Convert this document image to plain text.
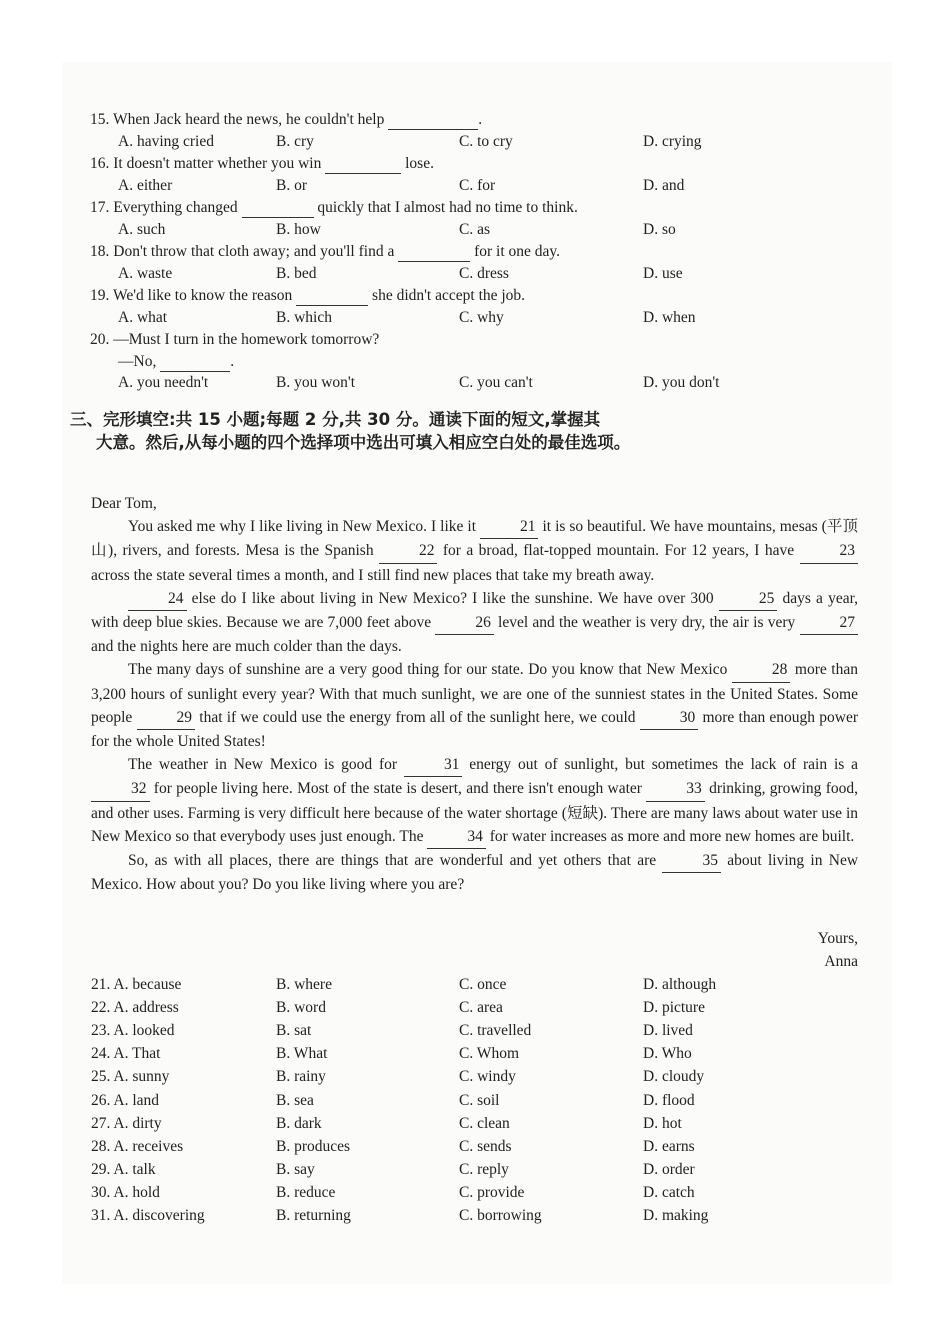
15. When Jack heard the news, he couldn't help	.
A. having cried	B. cry	C. to cry	D. crying
16. It doesn't matter whether you win	lose.
A. either	B. or	C. for	D. and
17. Everything changed	quickly that I almost had no time to think.
A. such	B. how	C. as	D. so
18. Don't throw that cloth away; and you'll find a	for it one day.
A. waste	B. bed	C. dress	D. use
19. We'd like to know the reason	she didn't accept the job.
A. what	B. which	C. why	D. when
20. —Must I turn in the homework tomorrow?
—No,	.
A. you needn't	B. you won't	C. you can't	D. you don't
三、完形填空:共 15 小题;每题 2 分,共 30 分。通读下面的短文,掌握其
大意。然后,从每小题的四个选择项中选出可填入相应空白处的最佳选项。

Dear Tom,

You asked me why I like living in New Mexico. I like it	21 it is so beautiful. We have mountains, mesas (平顶山), rivers, and forests. Mesa is the Spanish	22 for a broad, flat-topped mountain. For 12 years, I have	23 across the state several times a month, and I still find new places that take my breath away.

24 else do I like about living in New Mexico? I like the sunshine. We have over 300	25 days a year, with deep blue skies. Because we are 7,000 feet above	26 level and the weather is very dry, the air is very	27 and the nights here are much colder than the days.

The many days of sunshine are a very good thing for our state. Do you know that New Mexico	28 more than 3,200 hours of sunlight every year? With that much sunlight, we are one of the sunniest states in the United States. Some people	29 that if we could use the energy from all of the sunlight here, we could	30 more than enough power for the whole United States!

The weather in New Mexico is good for	31 energy out of sunlight, but sometimes the lack of rain is a 32 for people living here. Most of the state is desert, and there isn't enough water	33 drinking, growing food, and other uses. Farming is very difficult here because of the water shortage (短缺). There are many laws about water use in New Mexico so that everybody uses just enough. The	34 for water increases as more and more new homes are built.

So, as with all places, there are things that are wonderful and yet others that are	35 about living in New Mexico. How about you? Do you like living where you are?

Yours,
Anna
21. A. because	B. where	C. once	D. although
22. A. address	B. word	C. area	D. picture
23. A. looked	B. sat	C. travelled	D. lived
24. A. That	B. What	C. Whom	D. Who
25. A. sunny	B. rainy	C. windy	D. cloudy
26. A. land	B. sea	C. soil	D. flood
27. A. dirty	B. dark	C. clean	D. hot
28. A. receives	B. produces	C. sends	D. earns
29. A. talk	B. say	C. reply	D. order
30. A. hold	B. reduce	C. provide	D. catch
31. A. discovering	B. returning	C. borrowing	D. making
